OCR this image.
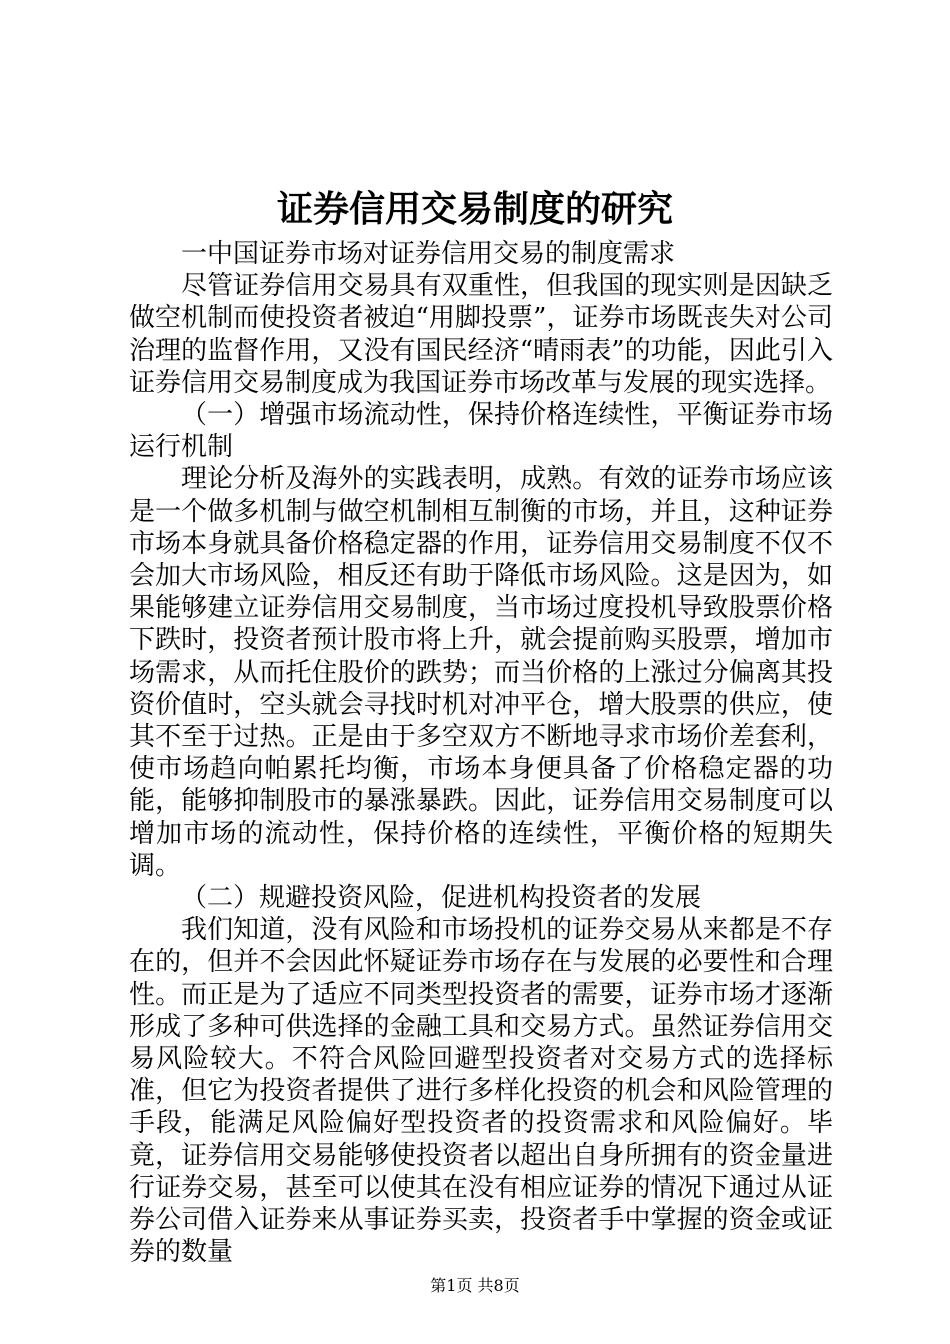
证券信用交易制度的研究

一中国证券市场对证券信用交易的制度需求

尽管证券信用交易具有双重性，但我国的现实则是因缺乏做空机制而使投资者被迫“用脚投票”，证券市场既丧失对公司治理的监督作用，又没有国民经济“晴雨表”的功能，因此引入证券信用交易制度成为我国证券市场改革与发展的现实选择。

（一）增强市场流动性，保持价格连续性，平衡证券市场运行机制

理论分析及海外的实践表明，成熟。有效的证券市场应该是一个做多机制与做空机制相互制衡的市场，并且，这种证券市场本身就具备价格稳定器的作用，证券信用交易制度不仅不会加大市场风险，相反还有助于降低市场风险。这是因为，如果能够建立证券信用交易制度，当市场过度投机导致股票价格下跌时，投资者预计股市将上升，就会提前购买股票，增加市场需求，从而托住股价的跌势；而当价格的上涨过分偏离其投资价值时，空头就会寻找时机对冲平仓，增大股票的供应，使其不至于过热。正是由于多空双方不断地寻求市场价差套利，使市场趋向帕累托均衡，市场本身便具备了价格稳定器的功能，能够抑制股市的暴涨暴跌。因此，证券信用交易制度可以增加市场的流动性，保持价格的连续性，平衡价格的短期失调。

（二）规避投资风险，促进机构投资者的发展

我们知道，没有风险和市场投机的证券交易从来都是不存在的，但并不会因此怀疑证券市场存在与发展的必要性和合理性。而正是为了适应不同类型投资者的需要，证券市场才逐渐形成了多种可供选择的金融工具和交易方式。虽然证券信用交易风险较大。不符合风险回避型投资者对交易方式的选择标准，但它为投资者提供了进行多样化投资的机会和风险管理的手段，能满足风险偏好型投资者的投资需求和风险偏好。毕竟，证券信用交易能够使投资者以超出自身所拥有的资金量进行证券交易，甚至可以使其在没有相应证券的情况下通过从证券公司借入证券来从事证券买卖，投资者手中掌握的资金或证券的数量

第1页 共8页
